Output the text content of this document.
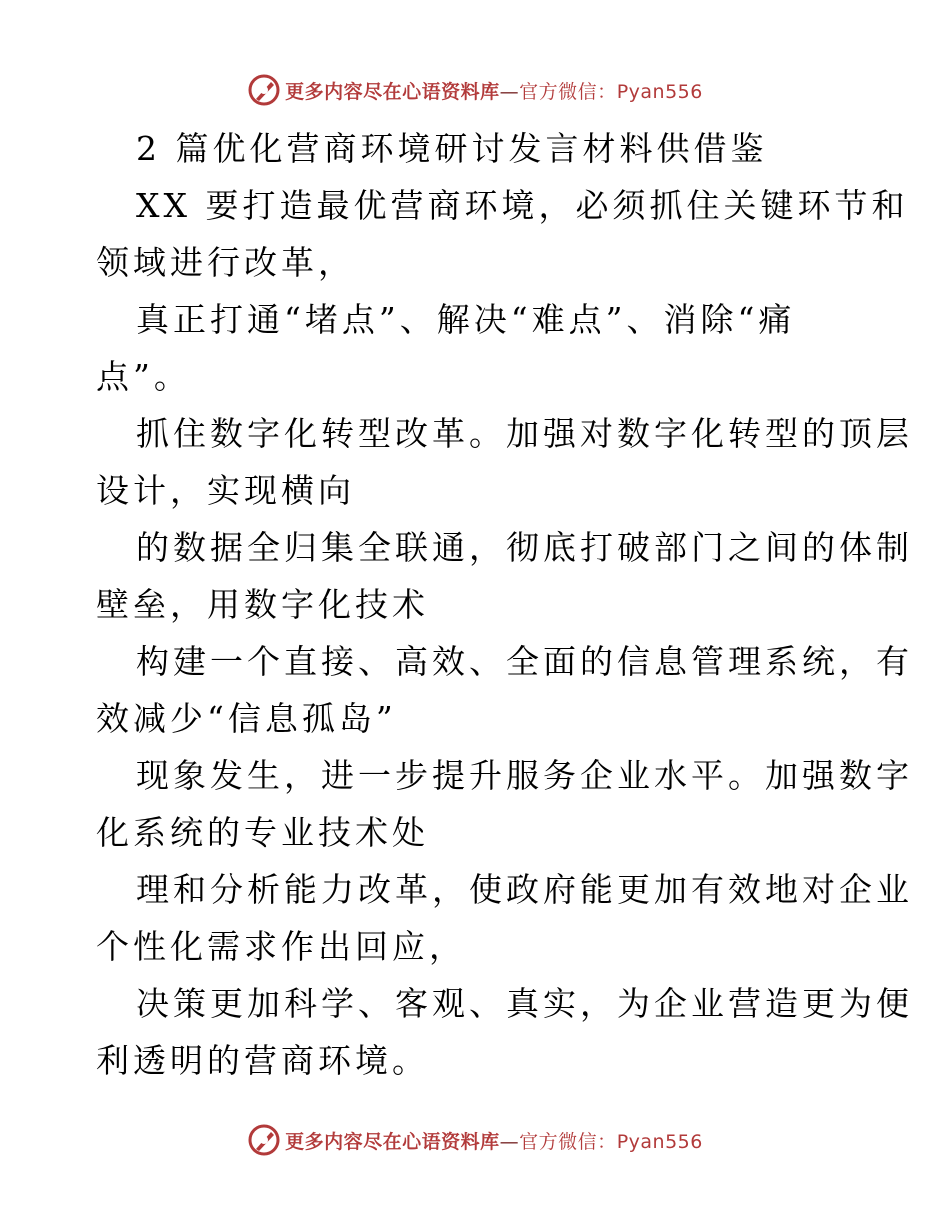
更多内容尽在心语资料库—官方微信：Pyan556
2 篇优化营商环境研讨发言材料供借鉴
XX 要打造最优营商环境，必须抓住关键环节和
领域进行改革，
真正打通“堵点”、解决“难点”、消除“痛
点”。
抓住数字化转型改革。加强对数字化转型的顶层
设计，实现横向
的数据全归集全联通，彻底打破部门之间的体制
壁垒，用数字化技术
构建一个直接、高效、全面的信息管理系统，有
效减少“信息孤岛”
现象发生，进一步提升服务企业水平。加强数字
化系统的专业技术处
理和分析能力改革，使政府能更加有效地对企业
个性化需求作出回应，
决策更加科学、客观、真实，为企业营造更为便
利透明的营商环境。
更多内容尽在心语资料库—官方微信：Pyan556
